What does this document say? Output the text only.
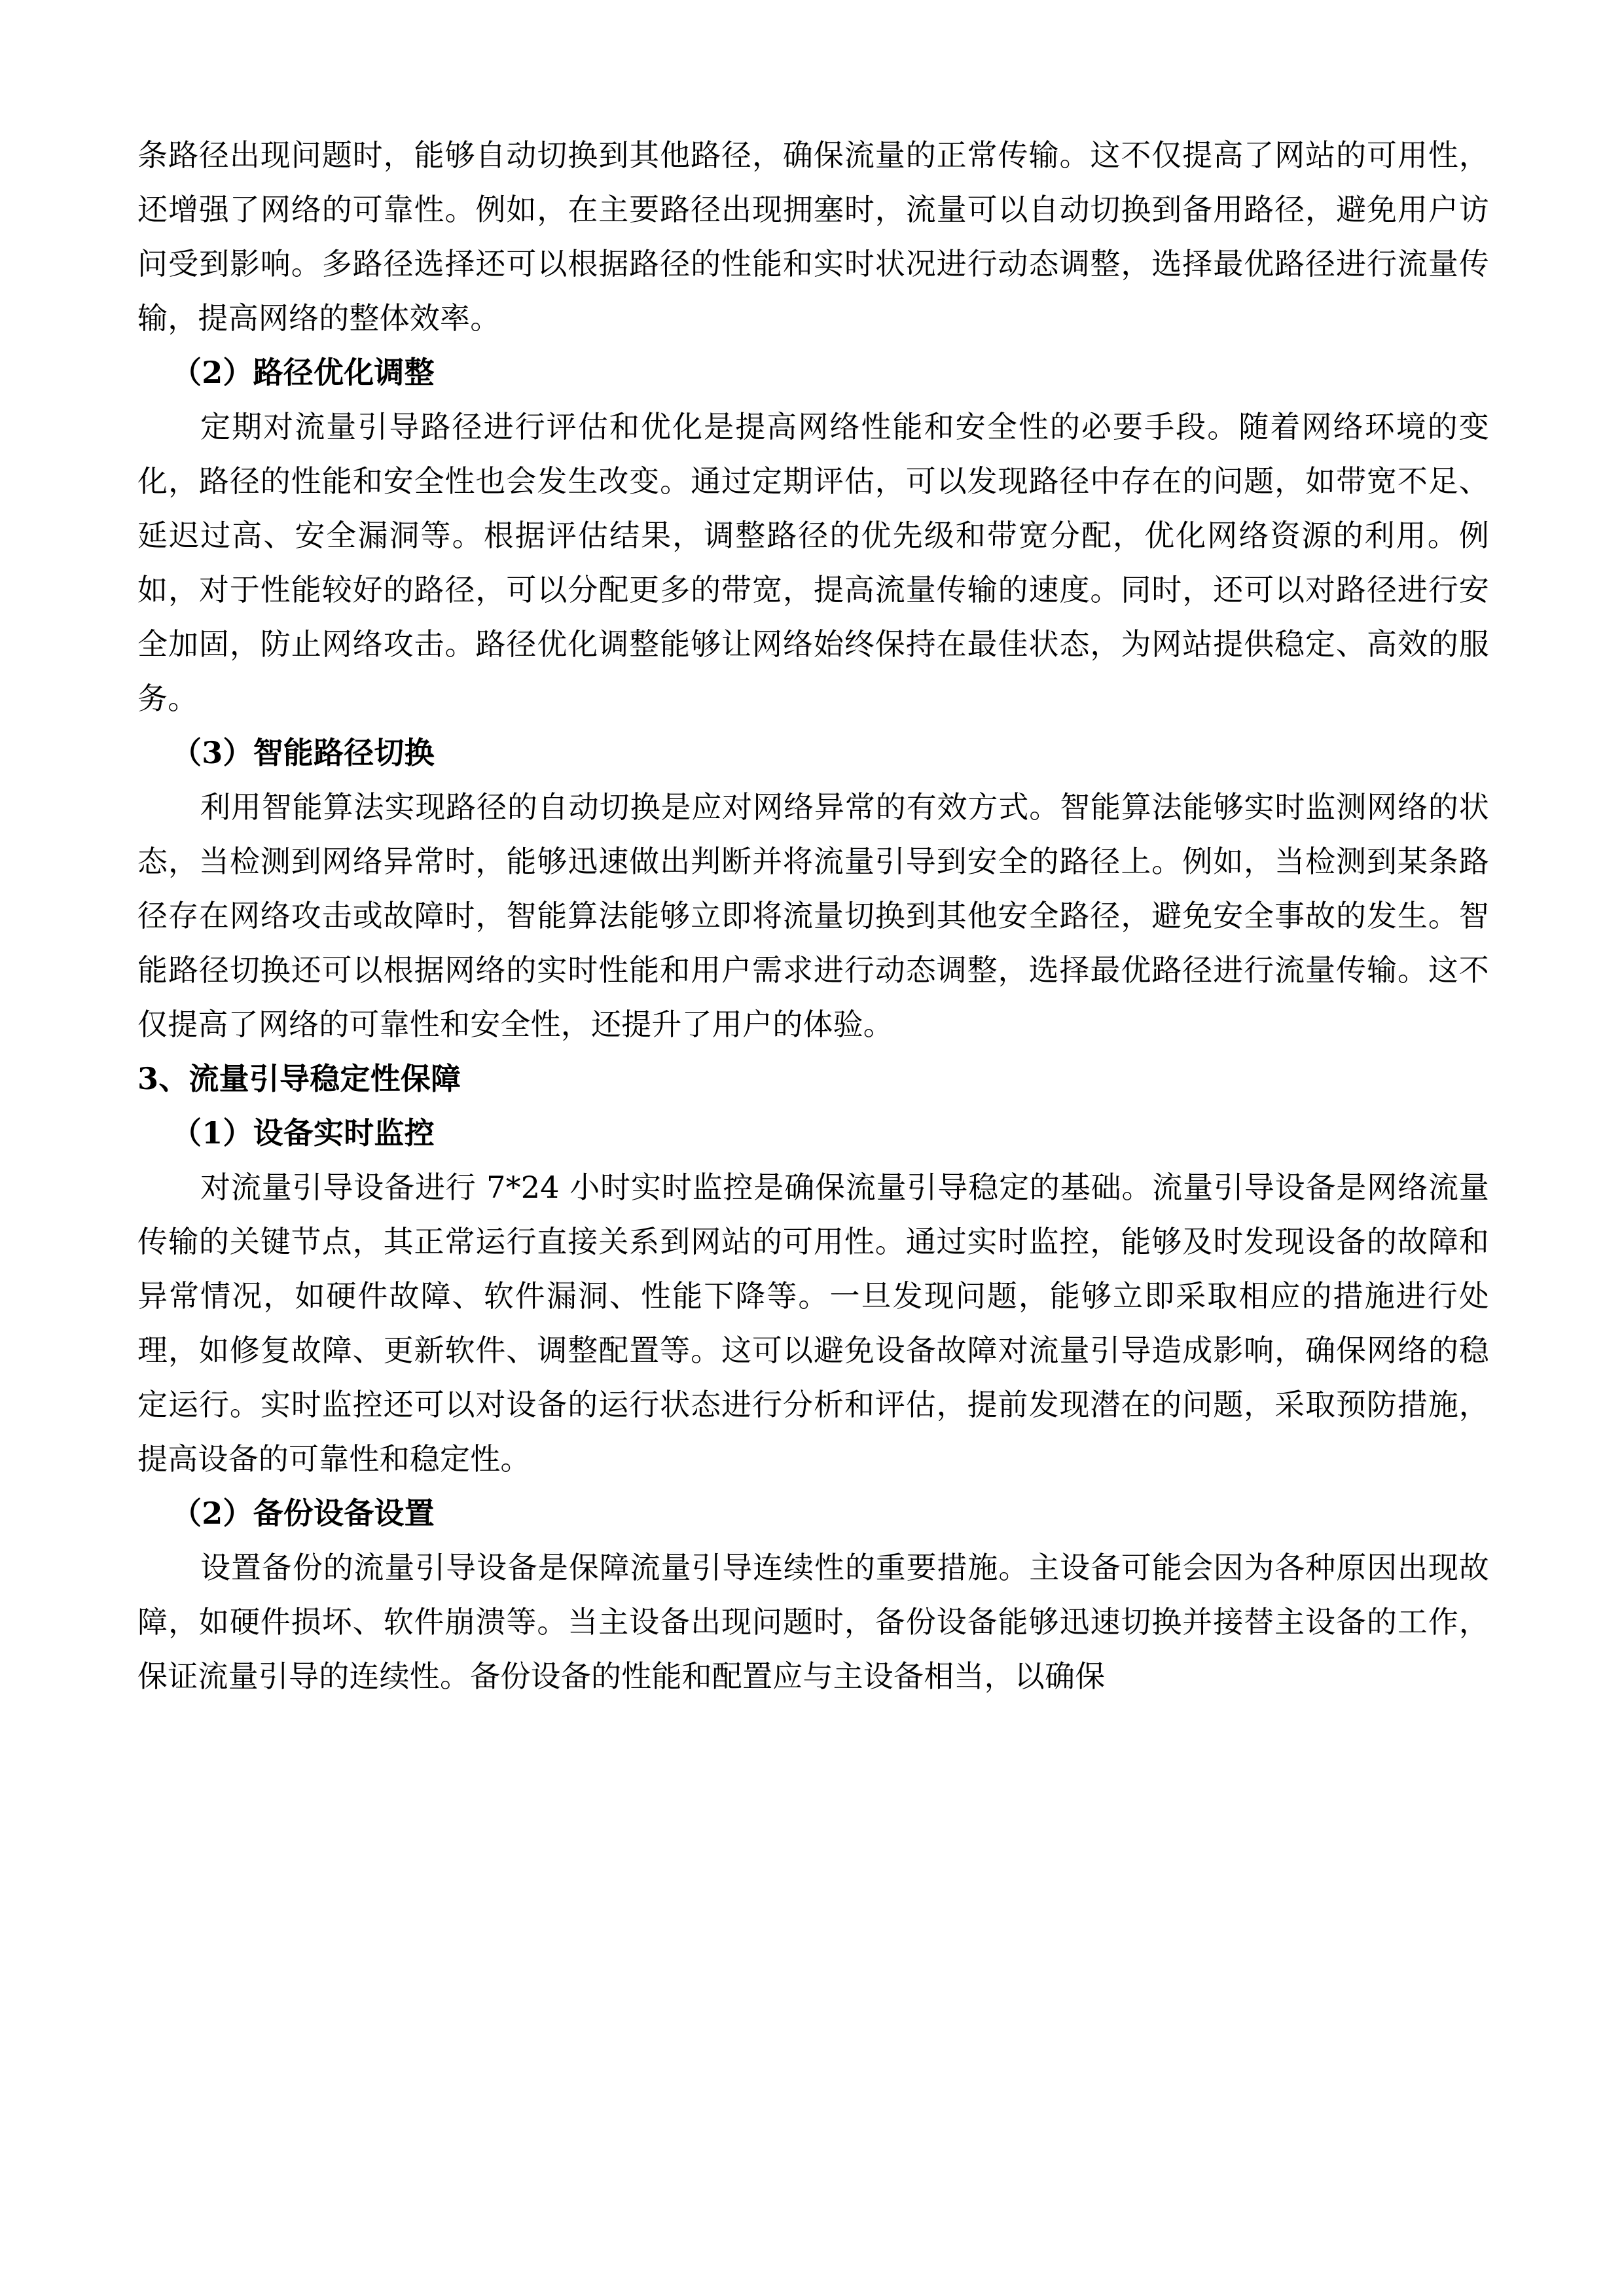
条路径出现问题时，能够自动切换到其他路径，确保流量的正常传输。这不仅提高了网站的可用性，还增强了网络的可靠性。例如，在主要路径出现拥塞时，流量可以自动切换到备用路径，避免用户访问受到影响。多路径选择还可以根据路径的性能和实时状况进行动态调整，选择最优路径进行流量传输，提高网络的整体效率。

（2）路径优化调整

定期对流量引导路径进行评估和优化是提高网络性能和安全性的必要手段。随着网络环境的变化，路径的性能和安全性也会发生改变。通过定期评估，可以发现路径中存在的问题，如带宽不足、延迟过高、安全漏洞等。根据评估结果，调整路径的优先级和带宽分配，优化网络资源的利用。例如，对于性能较好的路径，可以分配更多的带宽，提高流量传输的速度。同时，还可以对路径进行安全加固，防止网络攻击。路径优化调整能够让网络始终保持在最佳状态，为网站提供稳定、高效的服务。

（3）智能路径切换

利用智能算法实现路径的自动切换是应对网络异常的有效方式。智能算法能够实时监测网络的状态，当检测到网络异常时，能够迅速做出判断并将流量引导到安全的路径上。例如，当检测到某条路径存在网络攻击或故障时，智能算法能够立即将流量切换到其他安全路径，避免安全事故的发生。智能路径切换还可以根据网络的实时性能和用户需求进行动态调整，选择最优路径进行流量传输。这不仅提高了网络的可靠性和安全性，还提升了用户的体验。

3、流量引导稳定性保障

（1）设备实时监控

对流量引导设备进行 7*24 小时实时监控是确保流量引导稳定的基础。流量引导设备是网络流量传输的关键节点，其正常运行直接关系到网站的可用性。通过实时监控，能够及时发现设备的故障和异常情况，如硬件故障、软件漏洞、性能下降等。一旦发现问题，能够立即采取相应的措施进行处理，如修复故障、更新软件、调整配置等。这可以避免设备故障对流量引导造成影响，确保网络的稳定运行。实时监控还可以对设备的运行状态进行分析和评估，提前发现潜在的问题，采取预防措施，提高设备的可靠性和稳定性。

（2）备份设备设置

设置备份的流量引导设备是保障流量引导连续性的重要措施。主设备可能会因为各种原因出现故障，如硬件损坏、软件崩溃等。当主设备出现问题时，备份设备能够迅速切换并接替主设备的工作，保证流量引导的连续性。备份设备的性能和配置应与主设备相当，以确保
